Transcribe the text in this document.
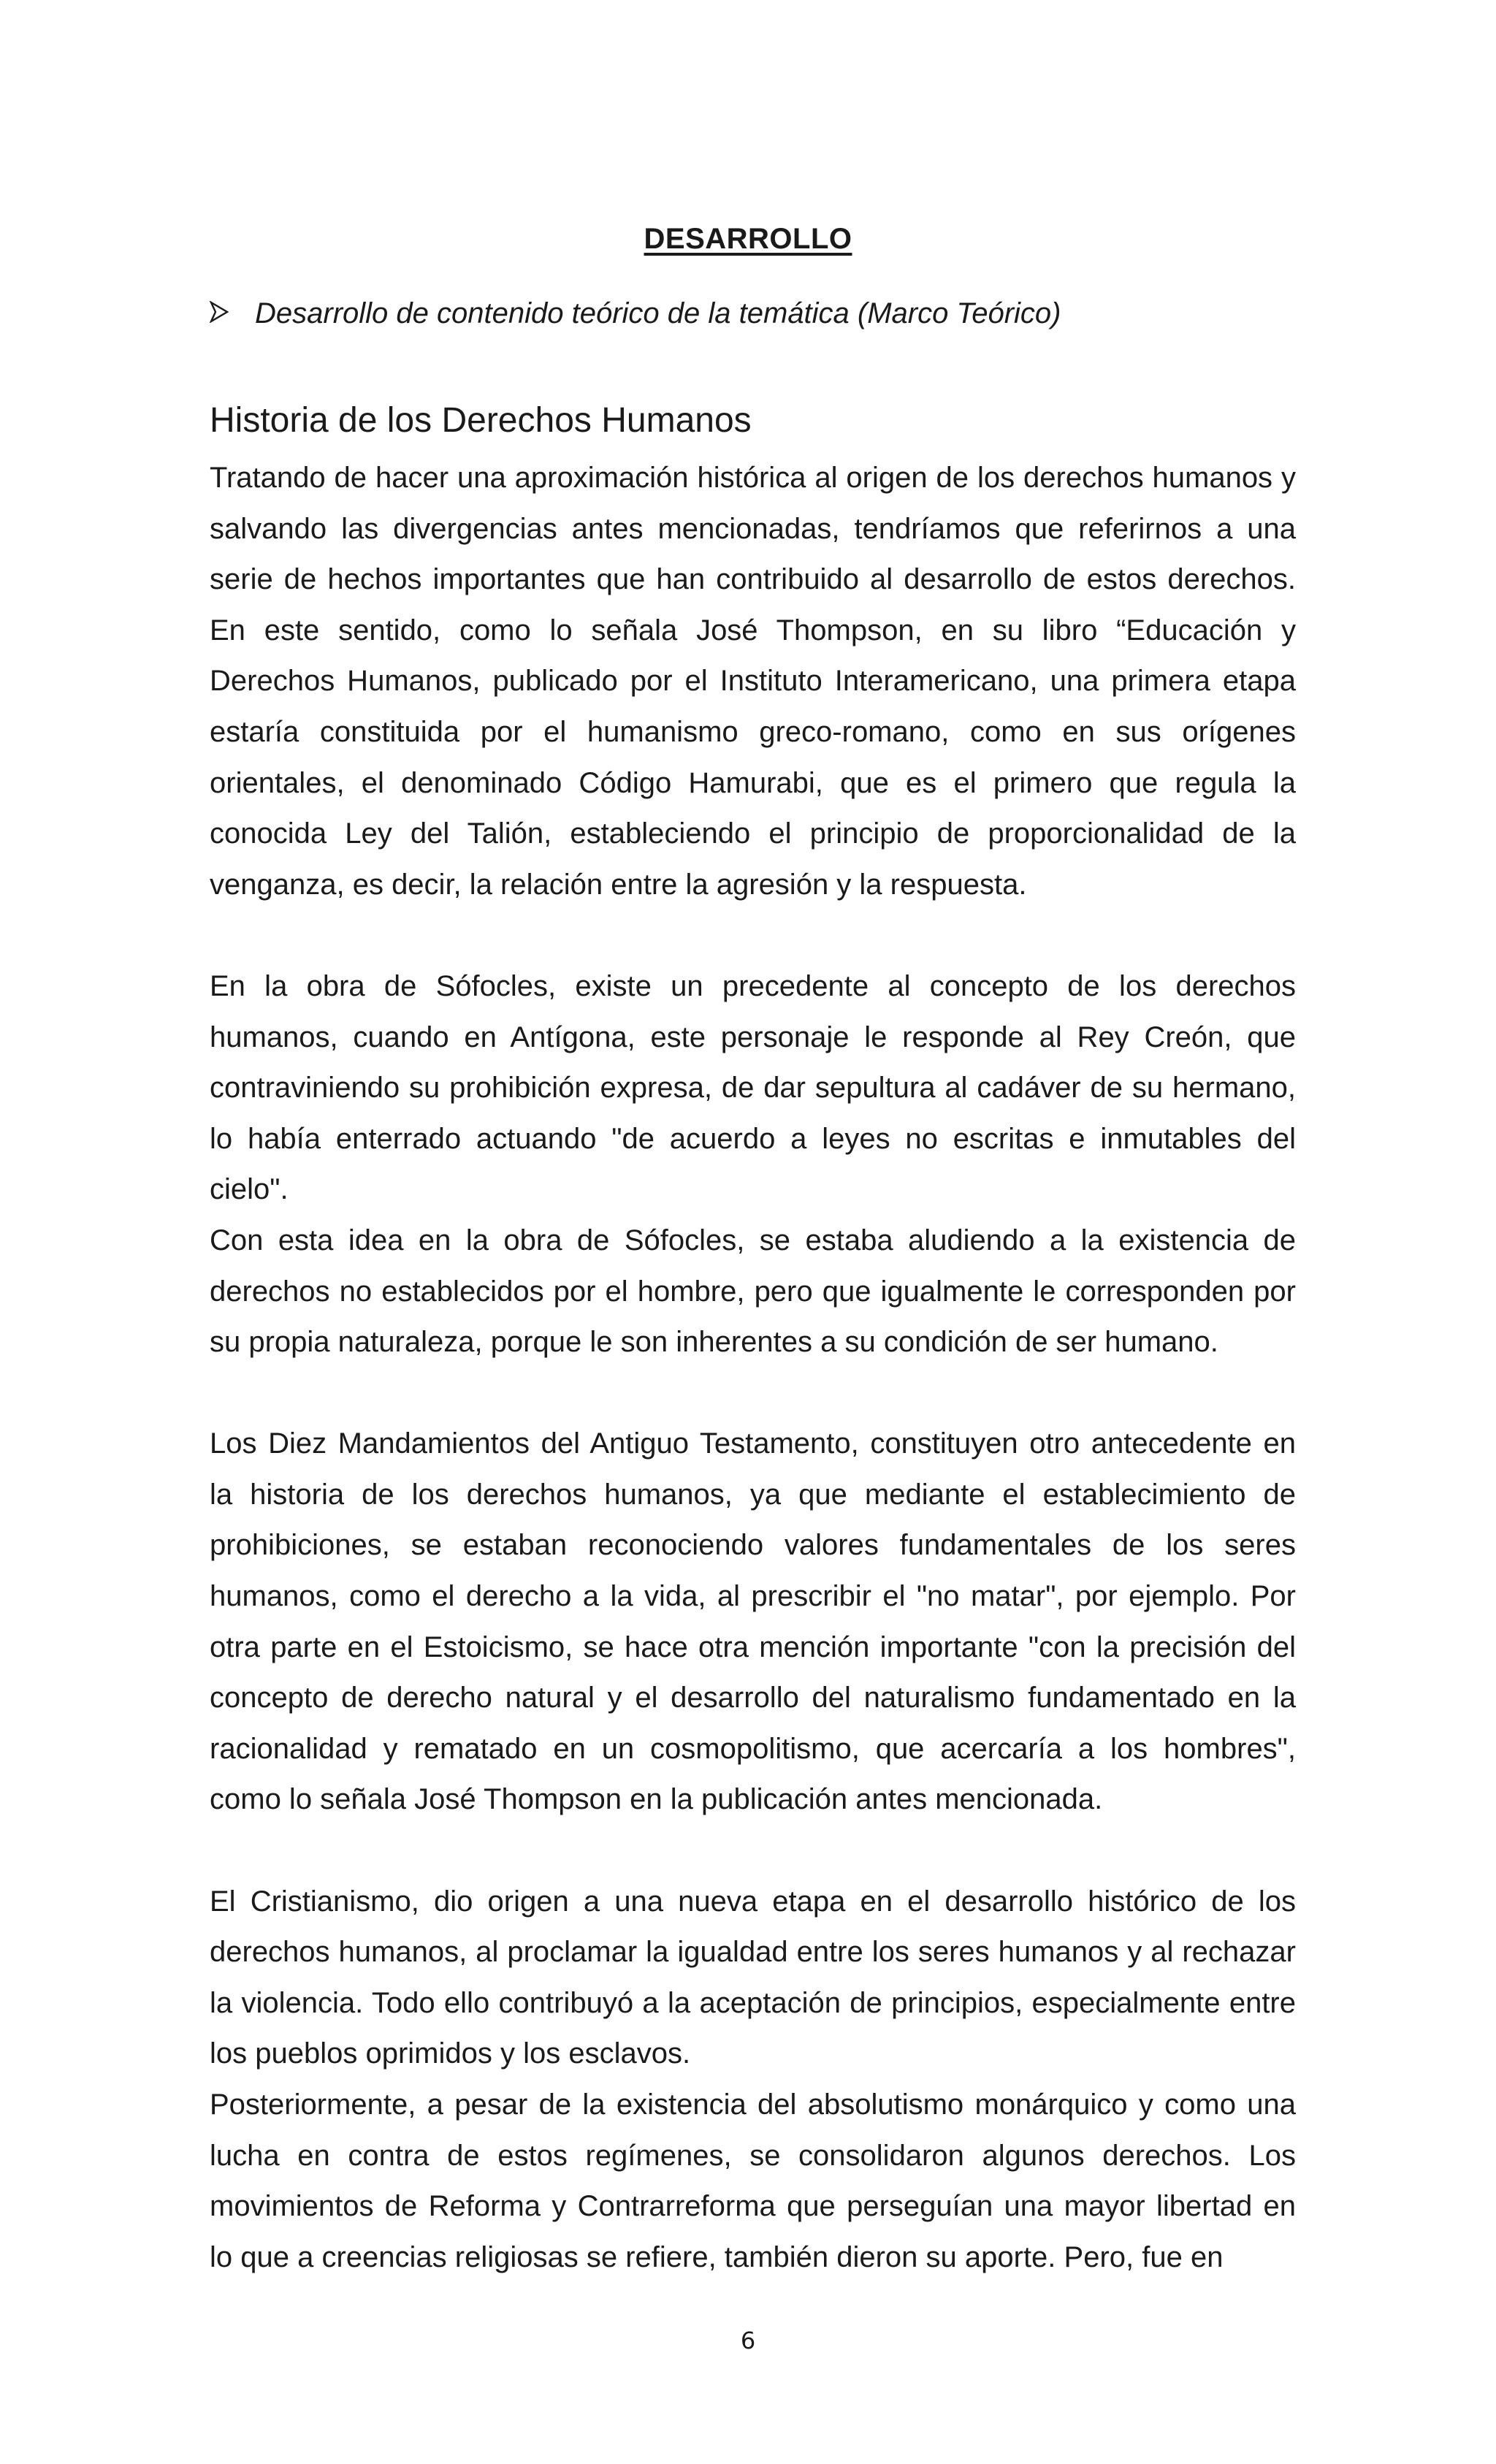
DESARROLLO
Desarrollo de contenido teórico de la temática (Marco Teórico)
Historia de los Derechos Humanos

Tratando de hacer una aproximación histórica al origen de los derechos humanos y salvando las divergencias antes mencionadas, tendríamos que referirnos a una serie de hechos importantes que han contribuido al desarrollo de estos derechos. En este sentido, como lo señala José Thompson, en su libro “Educación y Derechos Humanos, publicado por el Instituto Interamericano, una primera etapa estaría constituida por el humanismo greco-romano, como en sus orígenes orientales, el denominado Código Hamurabi, que es el primero que regula la conocida Ley del Talión, estableciendo el principio de proporcionalidad de la venganza, es decir, la relación entre la agresión y la respuesta.

En la obra de Sófocles, existe un precedente al concepto de los derechos humanos, cuando en Antígona, este personaje le responde al Rey Creón, que contraviniendo su prohibición expresa, de dar sepultura al cadáver de su hermano, lo había enterrado actuando "de acuerdo a leyes no escritas e inmutables del cielo".

Con esta idea en la obra de Sófocles, se estaba aludiendo a la existencia de derechos no establecidos por el hombre, pero que igualmente le corresponden por su propia naturaleza, porque le son inherentes a su condición de ser humano.

Los Diez Mandamientos del Antiguo Testamento, constituyen otro antecedente en la historia de los derechos humanos, ya que mediante el establecimiento de prohibiciones, se estaban reconociendo valores fundamentales de los seres humanos, como el derecho a la vida, al prescribir el "no matar", por ejemplo. Por otra parte en el Estoicismo, se hace otra mención importante "con la precisión del concepto de derecho natural y el desarrollo del naturalismo fundamentado en la racionalidad y rematado en un cosmopolitismo, que acercaría a los hombres", como lo señala José Thompson en la publicación antes mencionada.

El Cristianismo, dio origen a una nueva etapa en el desarrollo histórico de los derechos humanos, al proclamar la igualdad entre los seres humanos y al rechazar la violencia. Todo ello contribuyó a la aceptación de principios, especialmente entre los pueblos oprimidos y los esclavos.

Posteriormente, a pesar de la existencia del absolutismo monárquico y como una lucha en contra de estos regímenes, se consolidaron algunos derechos. Los movimientos de Reforma y Contrarreforma que perseguían una mayor libertad en lo que a creencias religiosas se refiere, también dieron su aporte. Pero, fue en

6
